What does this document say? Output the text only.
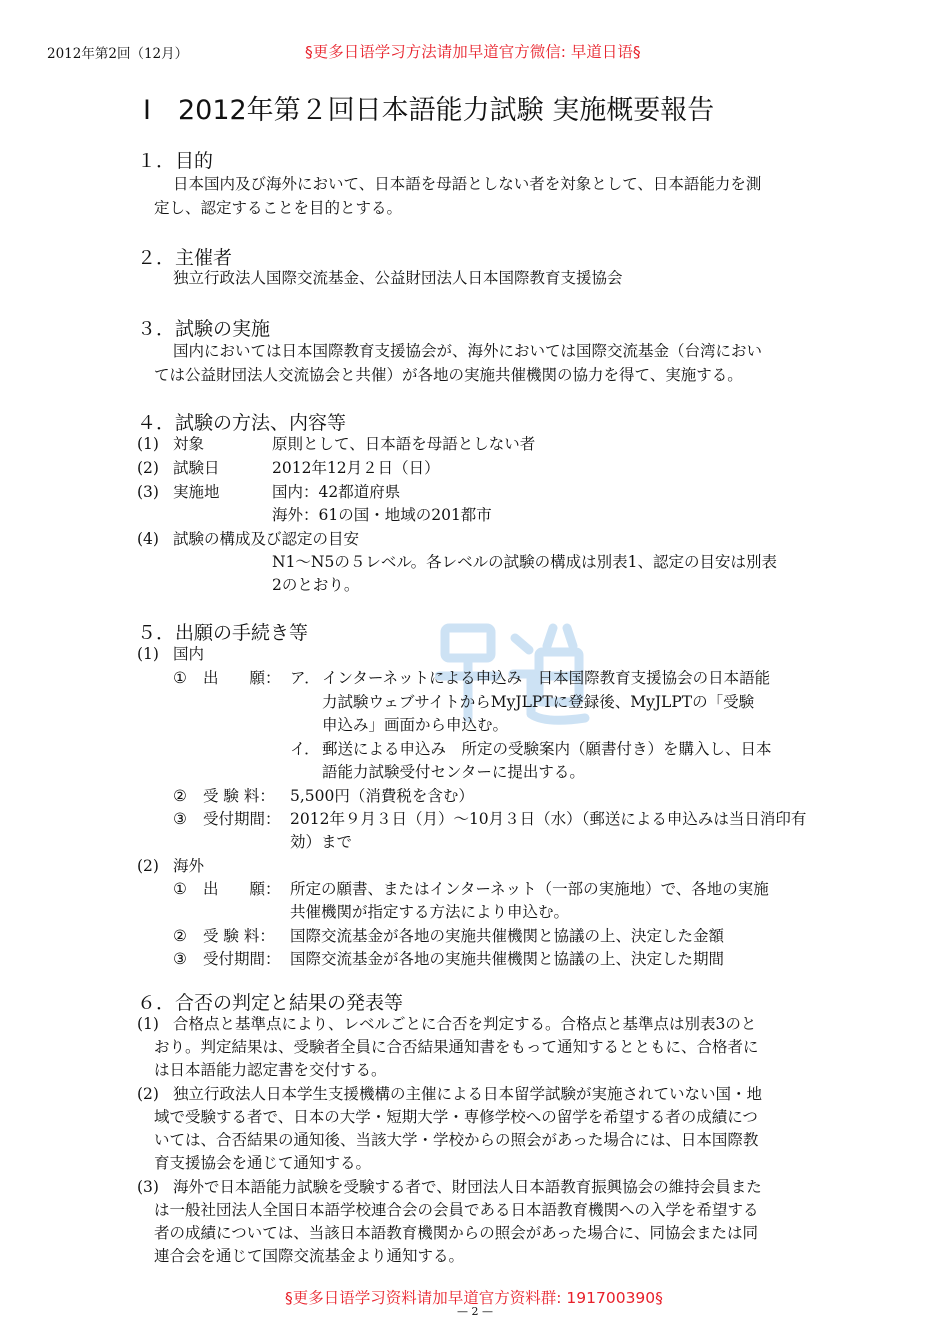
2012年第2回（12月）	§更多日语学习方法请加早道官方微信: 早道日语§
Ⅰ　2012年第２回日本語能力試験 実施概要報告
１．目的
日本国内及び海外において、日本語を母語としない者を対象として、日本語能力を測
定し、認定することを目的とする。
２．主催者
独立行政法人国際交流基金、公益財団法人日本国際教育支援協会
３．試験の実施
国内においては日本国際教育支援協会が、海外においては国際交流基金（台湾におい
ては公益財団法人交流協会と共催）が各地の実施共催機関の協力を得て、実施する。
４．試験の方法、内容等
(1) 対象	原則として、日本語を母語としない者
(2) 試験日	2012年12月２日（日）
(3) 実施地	国内：42都道府県
海外：61の国・地域の201都市
(4) 試験の構成及び認定の目安
N1〜N5の５レベル。各レベルの試験の構成は別表1、認定の目安は別表
2のとおり。
５．出願の手続き等
(1) 国内
① 出　　願： ア． インターネットによる申込み　日本国際教育支援協会の日本語能
力試験ウェブサイトからMyJLPTに登録後、MyJLPTの「受験
申込み」画面から申込む。
イ． 郵送による申込み　所定の受験案内（願書付き）を購入し、日本
語能力試験受付センターに提出する。
② 受 験 料： 5,500円（消費税を含む）
③ 受付期間： 2012年９月３日（月）〜10月３日（水）（郵送による申込みは当日消印有
効）まで
(2) 海外
① 出　　願： 所定の願書、またはインターネット（一部の実施地）で、各地の実施
共催機関が指定する方法により申込む。
② 受 験 料： 国際交流基金が各地の実施共催機関と協議の上、決定した金額
③ 受付期間： 国際交流基金が各地の実施共催機関と協議の上、決定した期間
６．合否の判定と結果の発表等
(1) 合格点と基準点により、レベルごとに合否を判定する。合格点と基準点は別表3のと
おり。判定結果は、受験者全員に合否結果通知書をもって通知するとともに、合格者に
は日本語能力認定書を交付する。
(2) 独立行政法人日本学生支援機構の主催による日本留学試験が実施されていない国・地
域で受験する者で、日本の大学・短期大学・専修学校への留学を希望する者の成績につ
いては、合否結果の通知後、当該大学・学校からの照会があった場合には、日本国際教
育支援協会を通じて通知する。
(3) 海外で日本語能力試験を受験する者で、財団法人日本語教育振興協会の維持会員また
は一般社団法人全国日本語学校連合会の会員である日本語教育機関への入学を希望する
者の成績については、当該日本語教育機関からの照会があった場合に、同協会または同
連合会を通じて国際交流基金より通知する。
§更多日语学习资料请加早道官方资料群: 191700390§
— 2 —
